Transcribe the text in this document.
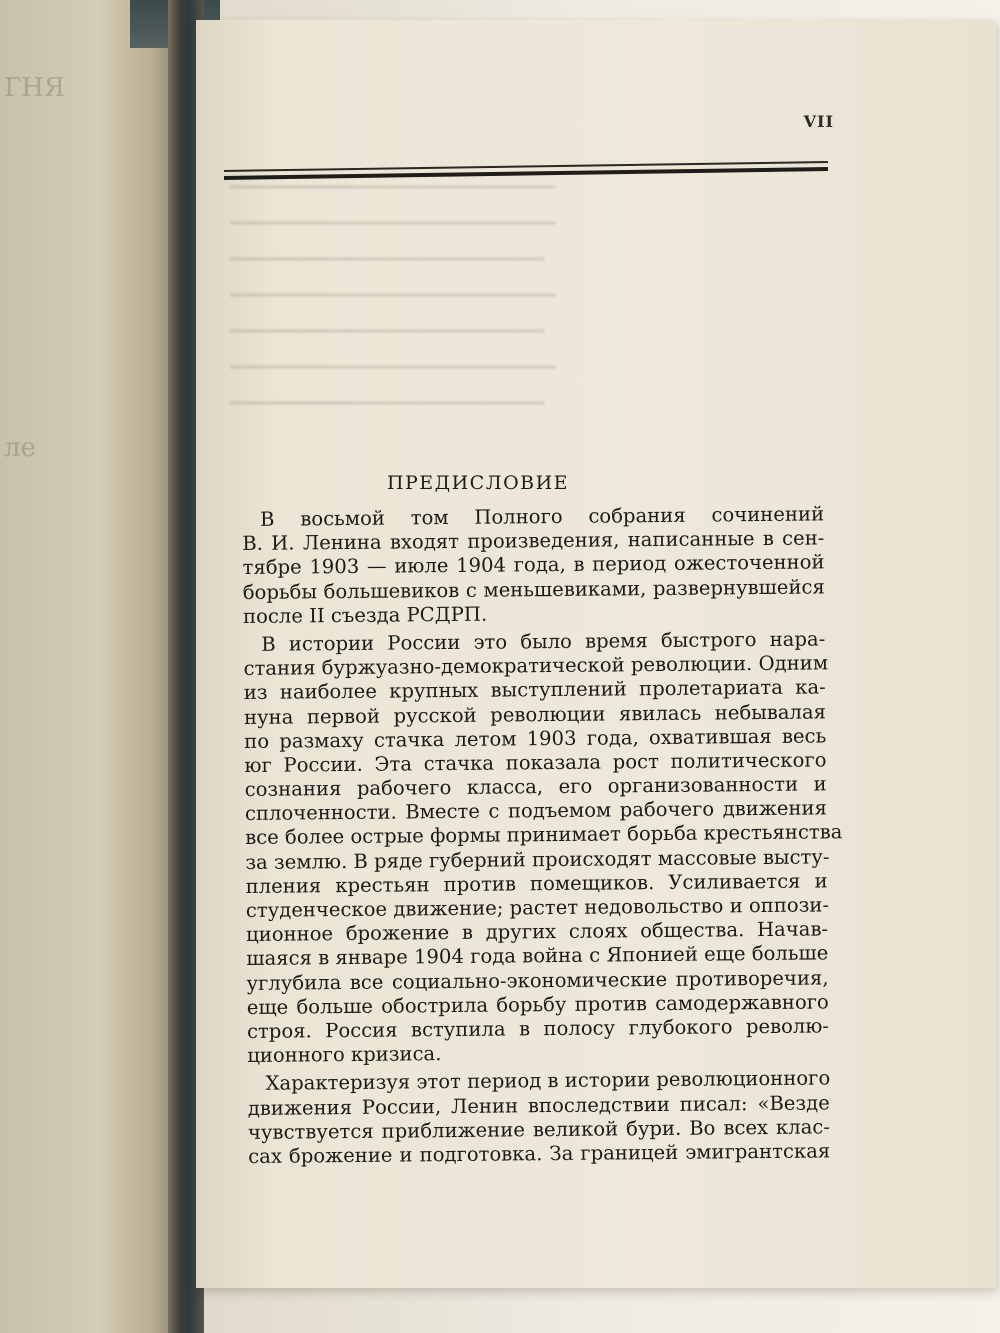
ГНЯ

ле
━━━━━━━━━━━━━━━━━━━━━━━━━━━━━━
━━━━━━━━━━━━━━━━━━━━━━━━━━━━━━
━━━━━━━━━━━━━━━━━━━━━━━━━━━━━
━━━━━━━━━━━━━━━━━━━━━━━━━━━━━━
━━━━━━━━━━━━━━━━━━━━━━━━━━━━━
━━━━━━━━━━━━━━━━━━━━━━━━━━━━━━
━━━━━━━━━━━━━━━━━━━━━━━━━━━━━
VII
ПРЕДИСЛОВИЕ
В восьмой том Полного собрания сочинений
В. И. Ленина входят произведения, написанные в сен-
тябре 1903 — июле 1904 года, в период ожесточенной
борьбы большевиков с меньшевиками, развернувшейся
после II съезда РСДРП.
В истории России это было время быстрого нара-
стания буржуазно-демократической революции. Одним
из наиболее крупных выступлений пролетариата ка-
нуна первой русской революции явилась небывалая
по размаху стачка летом 1903 года, охватившая весь
юг России. Эта стачка показала рост политического
сознания рабочего класса, его организованности и
сплоченности. Вместе с подъемом рабочего движения
все более острые формы принимает борьба крестьянства
за землю. В ряде губерний происходят массовые высту-
пления крестьян против помещиков. Усиливается и
студенческое движение; растет недовольство и оппози-
ционное брожение в других слоях общества. Начав-
шаяся в январе 1904 года война с Японией еще больше
углубила все социально-экономические противоречия,
еще больше обострила борьбу против самодержавного
строя. Россия вступила в полосу глубокого револю-
ционного кризиса.
Характеризуя этот период в истории революционного
движения России, Ленин впоследствии писал: «Везде
чувствуется приближение великой бури. Во всех клас-
сах брожение и подготовка. За границей эмигрантская
